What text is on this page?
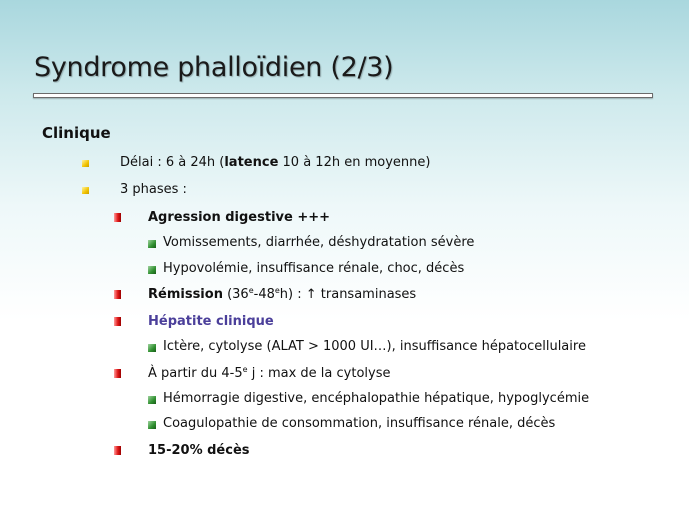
Syndrome phalloïdien (2/3)
Clinique
Délai : 6 à 24h (latence 10 à 12h en moyenne)
3 phases :
Agression digestive +++
Vomissements, diarrhée, déshydratation sévère
Hypovolémie, insuffisance rénale, choc, décès
Rémission (36e-48eh) : ↑ transaminases
Hépatite clinique
Ictère, cytolyse (ALAT > 1000 UI…), insuffisance hépatocellulaire
À partir du 4-5e j : max de la cytolyse
Hémorragie digestive, encéphalopathie hépatique, hypoglycémie
Coagulopathie de consommation, insuffisance rénale, décès
15-20% décès
